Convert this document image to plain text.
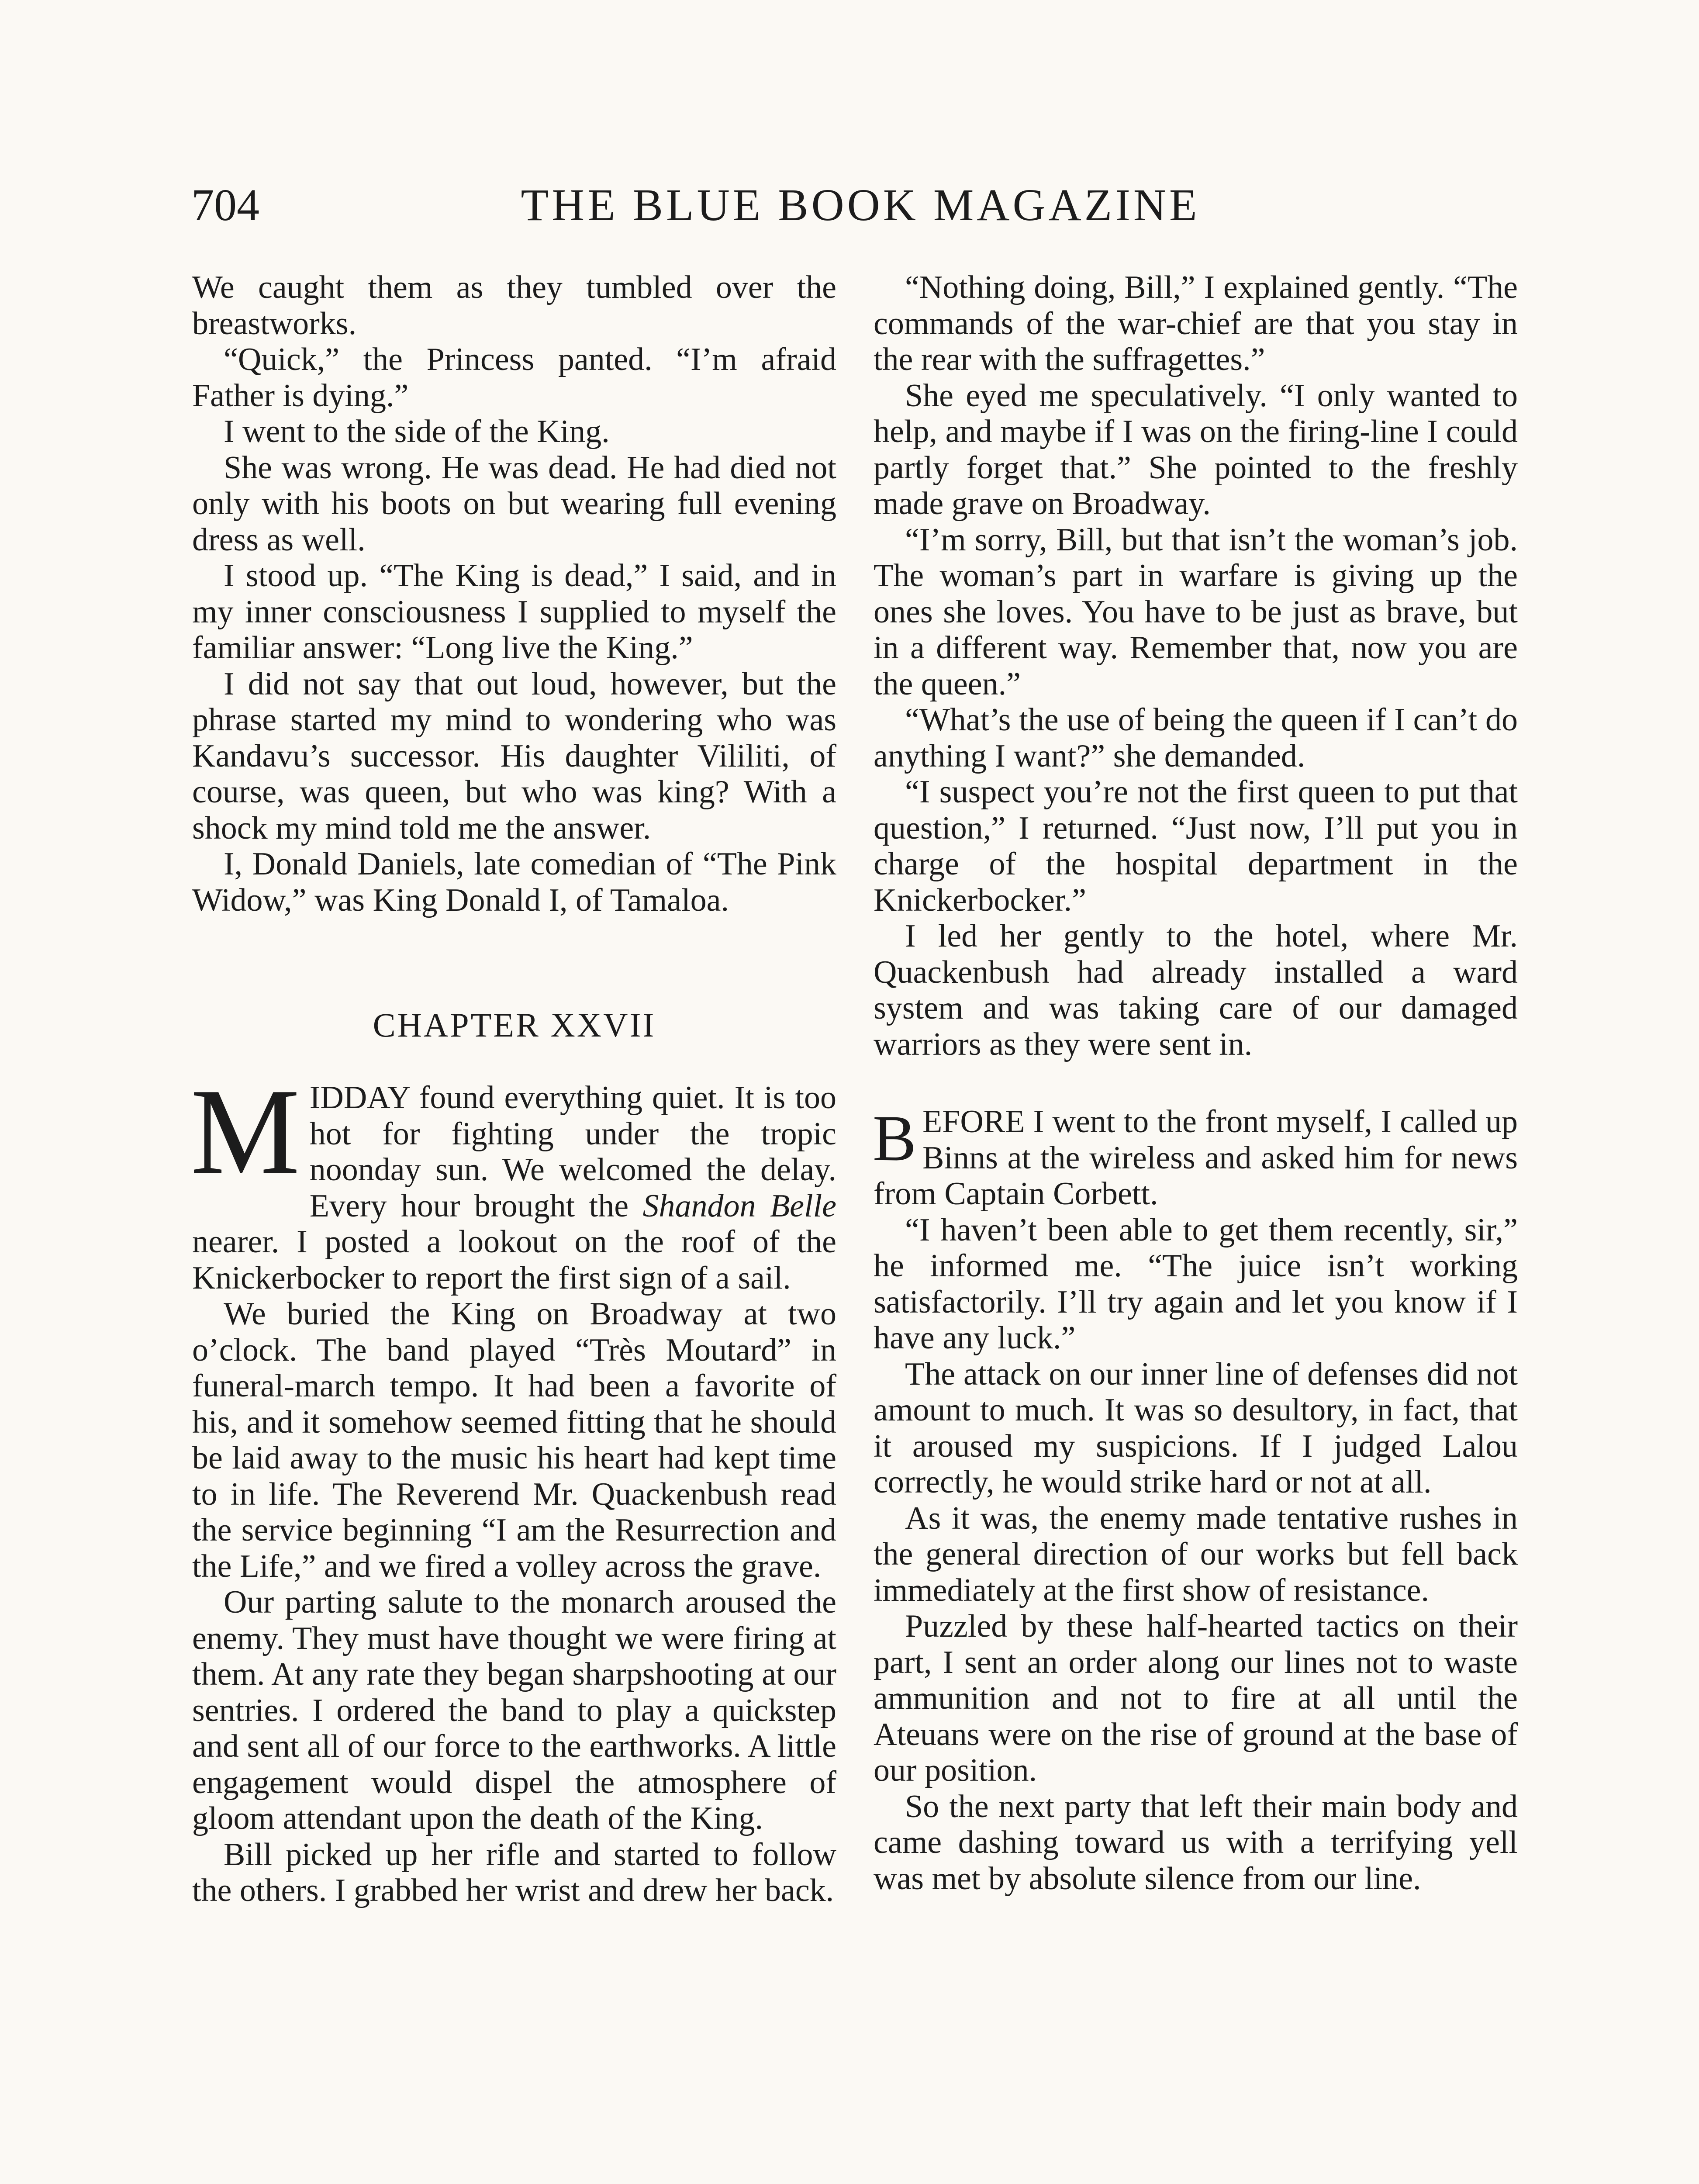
704	THE BLUE BOOK MAGAZINE

We caught them as they tumbled over the breastworks.

“Quick,” the Princess panted. “I’m afraid Father is dying.”

I went to the side of the King.

She was wrong. He was dead. He had died not only with his boots on but wearing full evening dress as well.

I stood up. “The King is dead,” I said, and in my inner consciousness I supplied to myself the familiar answer: “Long live the King.”

I did not say that out loud, however, but the phrase started my mind to wondering who was Kandavu’s successor. His daughter Vililiti, of course, was queen, but who was king? With a shock my mind told me the answer.

I, Donald Daniels, late comedian of “The Pink Widow,” was King Donald I, of Tamaloa.

CHAPTER XXVII

MIDDAY found everything quiet. It is too hot for fighting under the tropic noonday sun. We welcomed the delay. Every hour brought the Shandon Belle nearer. I posted a lookout on the roof of the Knickerbocker to report the first sign of a sail.

We buried the King on Broadway at two o’clock. The band played “Très Moutard” in funeral-march tempo. It had been a favorite of his, and it somehow seemed fitting that he should be laid away to the music his heart had kept time to in life. The Reverend Mr. Quackenbush read the service beginning “I am the Resurrection and the Life,” and we fired a volley across the grave.

Our parting salute to the monarch aroused the enemy. They must have thought we were firing at them. At any rate they began sharpshooting at our sentries. I ordered the band to play a quickstep and sent all of our force to the earthworks. A little engagement would dispel the atmosphere of gloom attendant upon the death of the King.

Bill picked up her rifle and started to follow the others. I grabbed her wrist and drew her back.

“Nothing doing, Bill,” I explained gently. “The commands of the war-chief are that you stay in the rear with the suffragettes.”

She eyed me speculatively. “I only wanted to help, and maybe if I was on the firing-line I could partly forget that.” She pointed to the freshly made grave on Broadway.

“I’m sorry, Bill, but that isn’t the woman’s job. The woman’s part in warfare is giving up the ones she loves. You have to be just as brave, but in a different way. Remember that, now you are the queen.”

“What’s the use of being the queen if I can’t do anything I want?” she demanded.

“I suspect you’re not the first queen to put that question,” I returned. “Just now, I’ll put you in charge of the hospital department in the Knickerbocker.”

I led her gently to the hotel, where Mr. Quackenbush had already installed a ward system and was taking care of our damaged warriors as they were sent in.

BEFORE I went to the front myself, I called up Binns at the wireless and asked him for news from Captain Corbett.

“I haven’t been able to get them recently, sir,” he informed me. “The juice isn’t working satisfactorily. I’ll try again and let you know if I have any luck.”

The attack on our inner line of defenses did not amount to much. It was so desultory, in fact, that it aroused my suspicions. If I judged Lalou correctly, he would strike hard or not at all.

As it was, the enemy made tentative rushes in the general direction of our works but fell back immediately at the first show of resistance.

Puzzled by these half-hearted tactics on their part, I sent an order along our lines not to waste ammunition and not to fire at all until the Ateuans were on the rise of ground at the base of our position.

So the next party that left their main body and came dashing toward us with a terrifying yell was met by absolute silence from our line.
